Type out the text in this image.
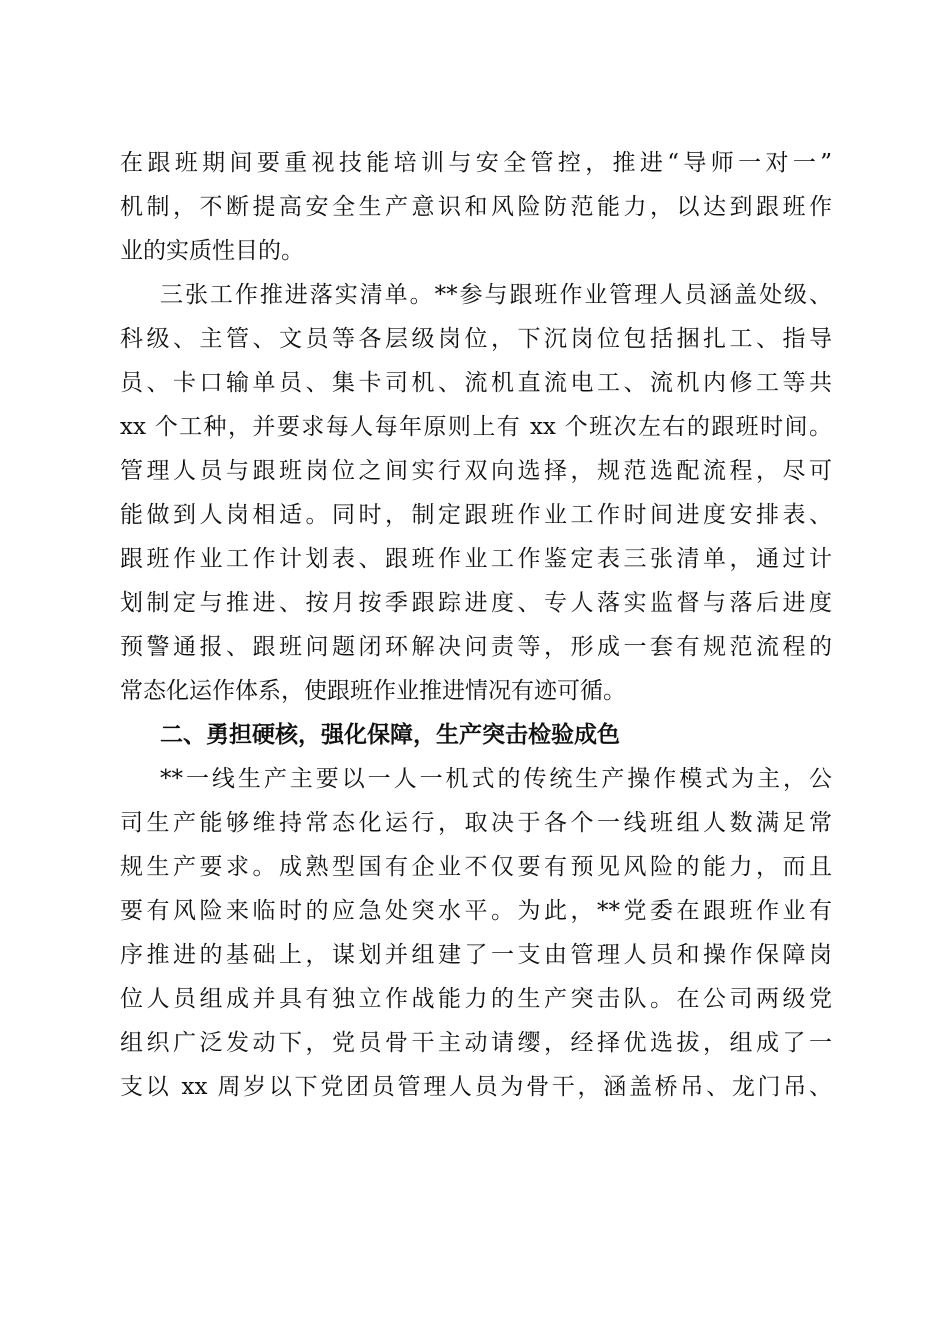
在跟班期间要重视技能培训与安全管控，推进“导师一对一”
机制，不断提高安全生产意识和风险防范能力，以达到跟班作
业的实质性目的。
三张工作推进落实清单。**参与跟班作业管理人员涵盖处级、
科级、主管、文员等各层级岗位，下沉岗位包括捆扎工、指导
员、卡口输单员、集卡司机、流机直流电工、流机内修工等共
xx 个工种，并要求每人每年原则上有 xx 个班次左右的跟班时间。
管理人员与跟班岗位之间实行双向选择，规范选配流程，尽可
能做到人岗相适。同时，制定跟班作业工作时间进度安排表、
跟班作业工作计划表、跟班作业工作鉴定表三张清单，通过计
划制定与推进、按月按季跟踪进度、专人落实监督与落后进度
预警通报、跟班问题闭环解决问责等，形成一套有规范流程的
常态化运作体系，使跟班作业推进情况有迹可循。
二、勇担硬核，强化保障，生产突击检验成色
**一线生产主要以一人一机式的传统生产操作模式为主，公
司生产能够维持常态化运行，取决于各个一线班组人数满足常
规生产要求。成熟型国有企业不仅要有预见风险的能力，而且
要有风险来临时的应急处突水平。为此，**党委在跟班作业有
序推进的基础上，谋划并组建了一支由管理人员和操作保障岗
位人员组成并具有独立作战能力的生产突击队。在公司两级党
组织广泛发动下，党员骨干主动请缨，经择优选拔，组成了一
支以 xx 周岁以下党团员管理人员为骨干，涵盖桥吊、龙门吊、
